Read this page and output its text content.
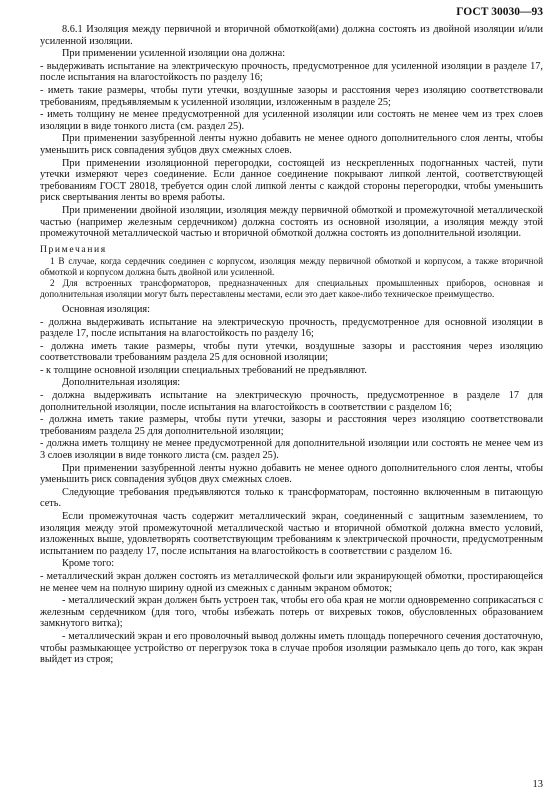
ГОСТ 30030—93

8.6.1 Изоляция между первичной и вторичной обмоткой(ами) должна состоять из двойной изоляции и/или усиленной изоляции.

При применении усиленной изоляции она должна:

- выдерживать испытание на электрическую прочность, предусмотренное для усиленной изоляции в разделе 17, после испытания на влагостойкость по разделу 16;

- иметь такие размеры, чтобы пути утечки, воздушные зазоры и расстояния через изоляцию соответствовали требованиям, предъявляемым к усиленной изоляции, изложенным в разделе 25;

- иметь толщину не менее предусмотренной для усиленной изоляции или состоять не менее чем из трех слоев изоляции в виде тонкого листа (см. раздел 25).

При применении зазубренной ленты нужно добавить не менее одного дополнительного слоя ленты, чтобы уменьшить риск совпадения зубцов двух смежных слоев.

При применении изоляционной перегородки, состоящей из нескрепленных подогнанных частей, пути утечки измеряют через соединение. Если данное соединение покрывают липкой лентой, соответствующей требованиям ГОСТ 28018, требуется один слой липкой ленты с каждой стороны перегородки, чтобы уменьшить риск свертывания ленты во время работы.

При применении двойной изоляции, изоляция между первичной обмоткой и промежуточной металлической частью (например железным сердечником) должна состоять из основной изоляции, а изоляция между этой промежуточной металлической частью и вторичной обмоткой должна состоять из дополнительной изоляции.

Примечания

1 В случае, когда сердечник соединен с корпусом, изоляция между первичной обмоткой и корпусом, а также вторичной обмоткой и корпусом должна быть двойной или усиленной.

2 Для встроенных трансформаторов, предназначенных для специальных промышленных приборов, основная и дополнительная изоляции могут быть переставлены местами, если это дает какое-либо техническое преимущество.

Основная изоляция:

- должна выдерживать испытание на электрическую прочность, предусмотренное для основной изоляции в разделе 17, после испытания на влагостойкость по разделу 16;

- должна иметь такие размеры, чтобы пути утечки, воздушные зазоры и расстояния через изоляцию соответствовали требованиям раздела 25 для основной изоляции;

- к толщине основной изоляции специальных требований не предъявляют.

Дополнительная изоляция:

- должна выдерживать испытание на электрическую прочность, предусмотренное в разделе 17 для дополнительной изоляции, после испытания на влагостойкость в соответствии с разделом 16;

- должна иметь такие размеры, чтобы пути утечки, зазоры и расстояния через изоляцию соответствовали требованиям раздела 25 для дополнительной изоляции;

- должна иметь толщину не менее предусмотренной для дополнительной изоляции или состоять не менее чем из 3 слоев изоляции в виде тонкого листа (см. раздел 25).

При применении зазубренной ленты нужно добавить не менее одного дополнительного слоя ленты, чтобы уменьшить риск совпадения зубцов двух смежных слоев.

Следующие требования предъявляются только к трансформаторам, постоянно включенным в питающую сеть.

Если промежуточная часть содержит металлический экран, соединенный с защитным заземлением, то изоляция между этой промежуточной металлической частью и вторичной обмоткой должна вместо условий, изложенных выше, удовлетворять соответствующим требованиям к электрической прочности, предусмотренным испытанием по разделу 17, после испытания на влагостойкость в соответствии с разделом 16.

Кроме того:

- металлический экран должен состоять из металлической фольги или экранирующей обмотки, простирающейся не менее чем на полную ширину одной из смежных с данным экраном обмоток;

- металлический экран должен быть устроен так, чтобы его оба края не могли одновременно соприкасаться с железным сердечником (для того, чтобы избежать потерь от вихревых токов, обусловленных образованием замкнутого витка);

- металлический экран и его проволочный вывод должны иметь площадь поперечного сечения достаточную, чтобы размыкающее устройство от перегрузок тока в случае пробоя изоляции размыкало цепь до того, как экран выйдет из строя;

13
